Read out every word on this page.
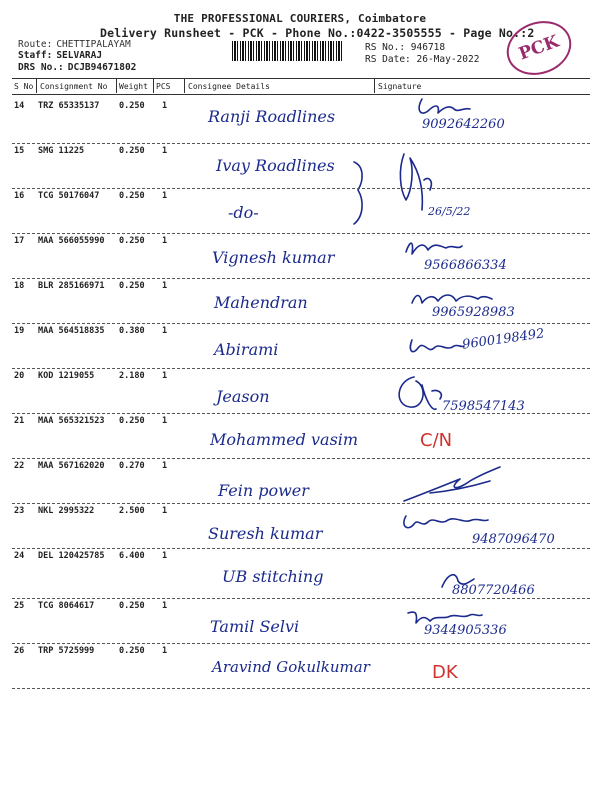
THE PROFESSIONAL COURIERS, Coimbatore
Delivery Runsheet - PCK - Phone No.:0422-3505555 - Page No.:2
Route: CHETTIPALAYAM
Staff: SELVARAJ
DRS No.: DCJB94671802
RS No.: 946718
RS Date: 26-May-2022	PCK
S No Consignment No Weight PCS Consignee Details	Signature
14 TRZ 65335137 0.250 1
Ranji Roadlines	9092642260
15 SMG 11225	0.250 1
Ivay Roadlines
16 TCG 50176047 0.250 1
-do-	26/5/22
17 MAA 566055990 0.250 1
Vignesh kumar	9566866334
18 BLR 285166971 0.250 1
Mahendran
9965928983
19 MAA 564518835 0.380 1
Abirami	9600198492
20 KOD 1219055	2.180 1
Jeason
7598547143
21 MAA 565321523 0.250 1
Mohammed vasim	C/N
22 MAA 567162020 0.270 1
Fein power
23 NKL 2995322	2.500 1
Suresh kumar	9487096470
24 DEL 120425785 6.400 1
UB stitching
8807720466
25 TCG 8064617	0.250 1
Tamil Selvi	9344905336
26 TRP 5725999	0.250 1
Aravind Gokulkumar	DK
